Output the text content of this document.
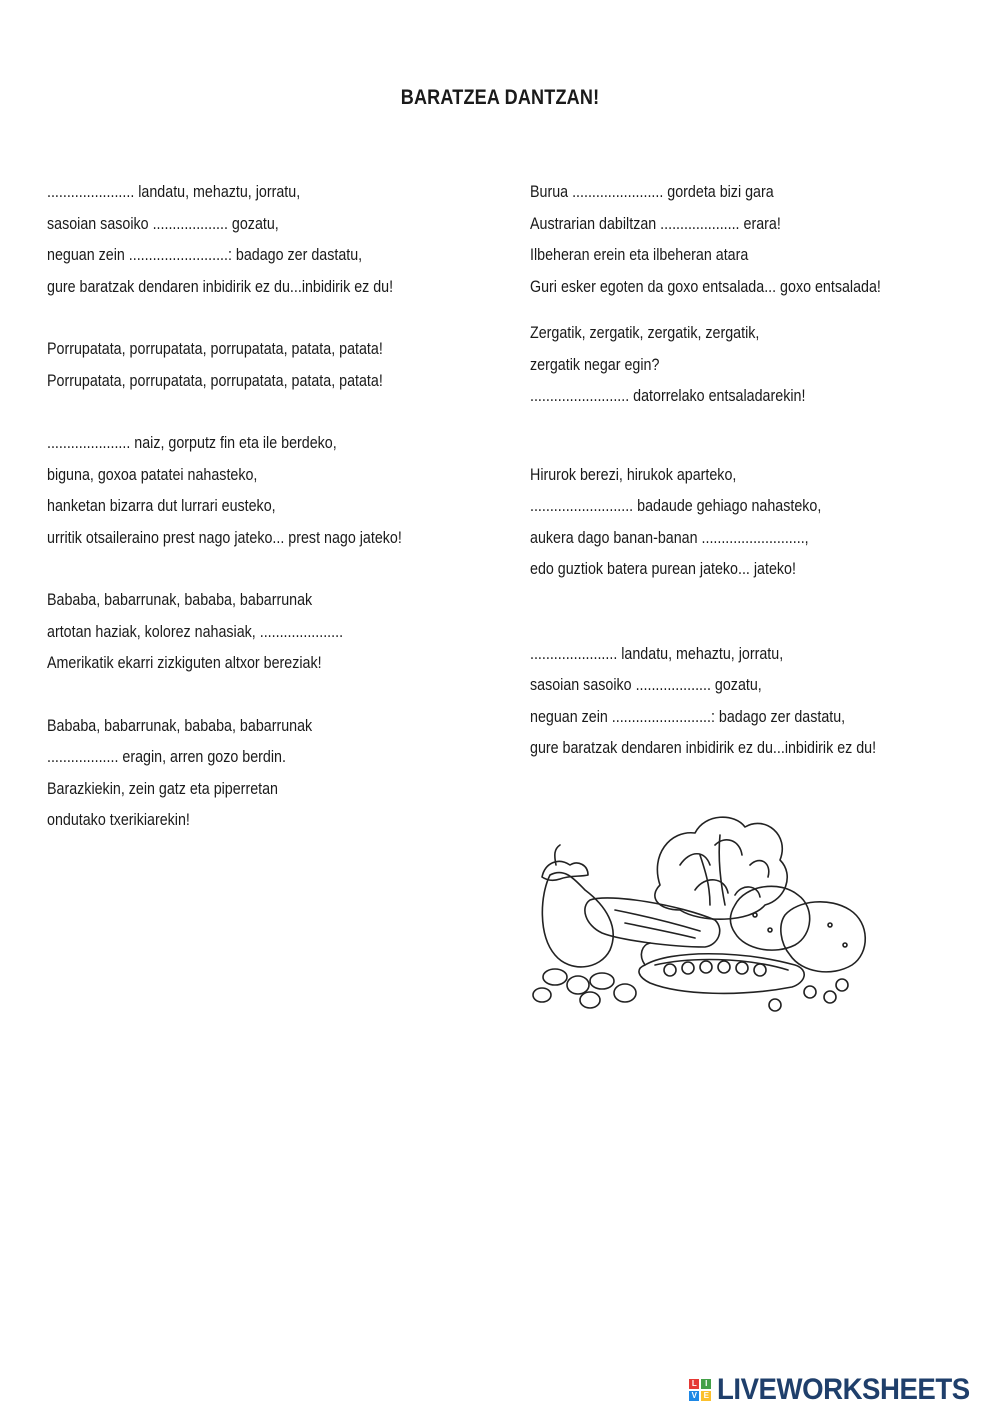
BARATZEA DANTZAN!
...................... landatu, mehaztu, jorratu,
sasoian sasoiko ................... gozatu,
neguan zein .........................: badago zer dastatu,
gure baratzak dendaren inbidirik ez du...inbidirik ez du!
Porrupatata, porrupatata, porrupatata, patata, patata!
Porrupatata, porrupatata, porrupatata, patata, patata!
..................... naiz, gorputz fin eta ile berdeko,
biguna, goxoa patatei nahasteko,
hanketan bizarra dut lurrari eusteko,
urritik otsaileraino prest nago jateko... prest nago jateko!
Bababa, babarrunak, bababa, babarrunak
artotan haziak, kolorez nahasiak, .....................
Amerikatik ekarri zizkiguten altxor bereziak!
Bababa, babarrunak, bababa, babarrunak
.................. eragin, arren gozo berdin.
Barazkiekin, zein gatz eta piperretan
ondutako txerikiarekin!
Burua ....................... gordeta bizi gara
Austrarian dabiltzan .................... erara!
Ilbeheran erein eta ilbeheran atara
Guri esker egoten da goxo entsalada... goxo entsalada!
Zergatik, zergatik, zergatik, zergatik,
zergatik negar egin?
......................... datorrelako entsaladarekin!
Hirurok berezi, hirukok aparteko,
.......................... badaude gehiago nahasteko,
aukera dago banan-banan ..........................,
edo guztiok batera purean jateko... jateko!
...................... landatu, mehaztu, jorratu,
sasoian sasoiko ................... gozatu,
neguan zein .........................: badago zer dastatu,
gure baratzak dendaren inbidirik ez du...inbidirik ez du!
L	I
V E LIVEWORKSHEETS
